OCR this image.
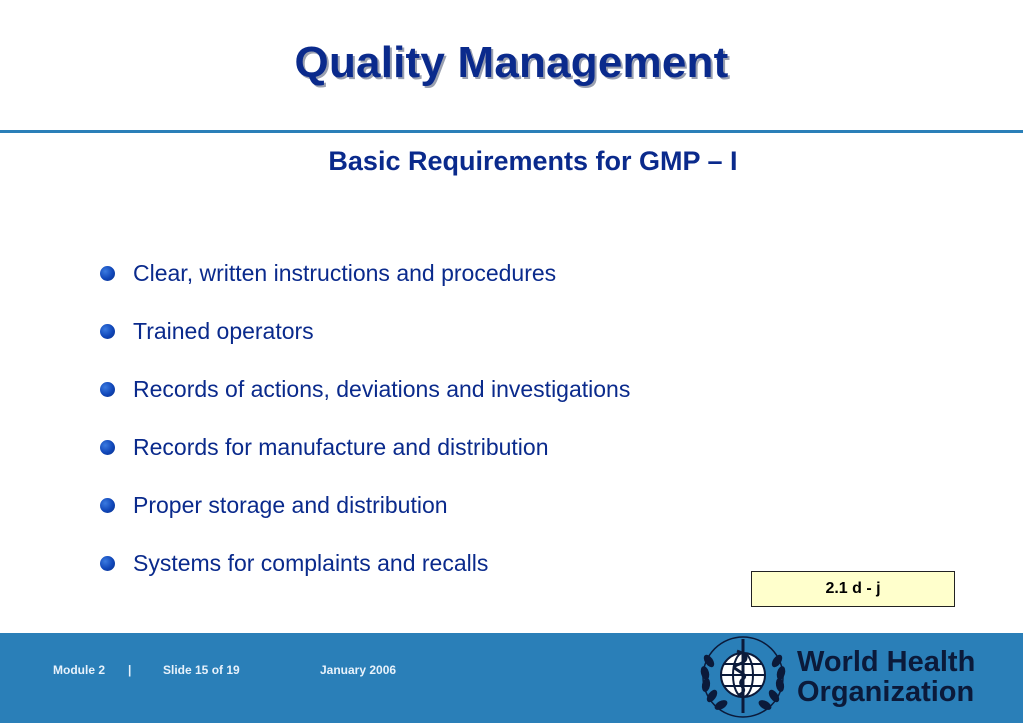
Quality Management
Basic Requirements for GMP – I
Clear, written instructions and procedures
Trained operators
Records of actions, deviations and investigations
Records for manufacture and distribution
Proper storage and distribution
Systems for complaints and recalls
2.1 d - j
Module 2 |	Slide 15 of 19	January 2006	World Health
Organization
